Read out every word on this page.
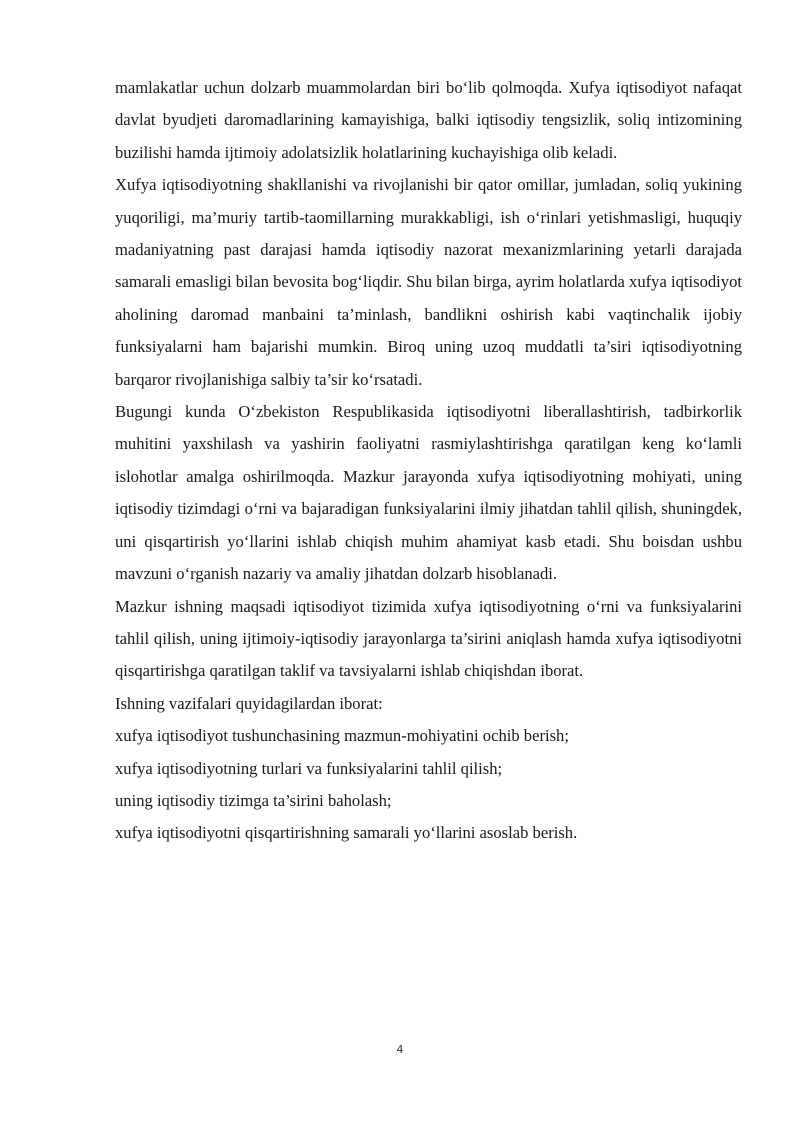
mamlakatlar uchun dolzarb muammolardan biri bo‘lib qolmoqda. Xufya iqtisodiyot nafaqat davlat byudjeti daromadlarining kamayishiga, balki iqtisodiy tengsizlik, soliq intizomining buzilishi hamda ijtimoiy adolatsizlik holatlarining kuchayishiga olib keladi.

Xufya iqtisodiyotning shakllanishi va rivojlanishi bir qator omillar, jumladan, soliq yukining yuqoriligi, ma’muriy tartib-taomillarning murakkabligi, ish o‘rinlari yetishmasligi, huquqiy madaniyatning past darajasi hamda iqtisodiy nazorat mexanizmlarining yetarli darajada samarali emasligi bilan bevosita bog‘liqdir. Shu bilan birga, ayrim holatlarda xufya iqtisodiyot aholining daromad manbaini ta’minlash, bandlikni oshirish kabi vaqtinchalik ijobiy funksiyalarni ham bajarishi mumkin. Biroq uning uzoq muddatli ta’siri iqtisodiyotning barqaror rivojlanishiga salbiy ta’sir ko‘rsatadi.

Bugungi kunda O‘zbekiston Respublikasida iqtisodiyotni liberallashtirish, tadbirkorlik muhitini yaxshilash va yashirin faoliyatni rasmiylashtirishga qaratilgan keng ko‘lamli islohotlar amalga oshirilmoqda. Mazkur jarayonda xufya iqtisodiyotning mohiyati, uning iqtisodiy tizimdagi o‘rni va bajaradigan funksiyalarini ilmiy jihatdan tahlil qilish, shuningdek, uni qisqartirish yo‘llarini ishlab chiqish muhim ahamiyat kasb etadi. Shu boisdan ushbu mavzuni o‘rganish nazariy va amaliy jihatdan dolzarb hisoblanadi.

Mazkur ishning maqsadi iqtisodiyot tizimida xufya iqtisodiyotning o‘rni va funksiyalarini tahlil qilish, uning ijtimoiy-iqtisodiy jarayonlarga ta’sirini aniqlash hamda xufya iqtisodiyotni qisqartirishga qaratilgan taklif va tavsiyalarni ishlab chiqishdan iborat.

Ishning vazifalari quyidagilardan iborat:

xufya iqtisodiyot tushunchasining mazmun-mohiyatini ochib berish;

xufya iqtisodiyotning turlari va funksiyalarini tahlil qilish;

uning iqtisodiy tizimga ta’sirini baholash;

xufya iqtisodiyotni qisqartirishning samarali yo‘llarini asoslab berish.

4
